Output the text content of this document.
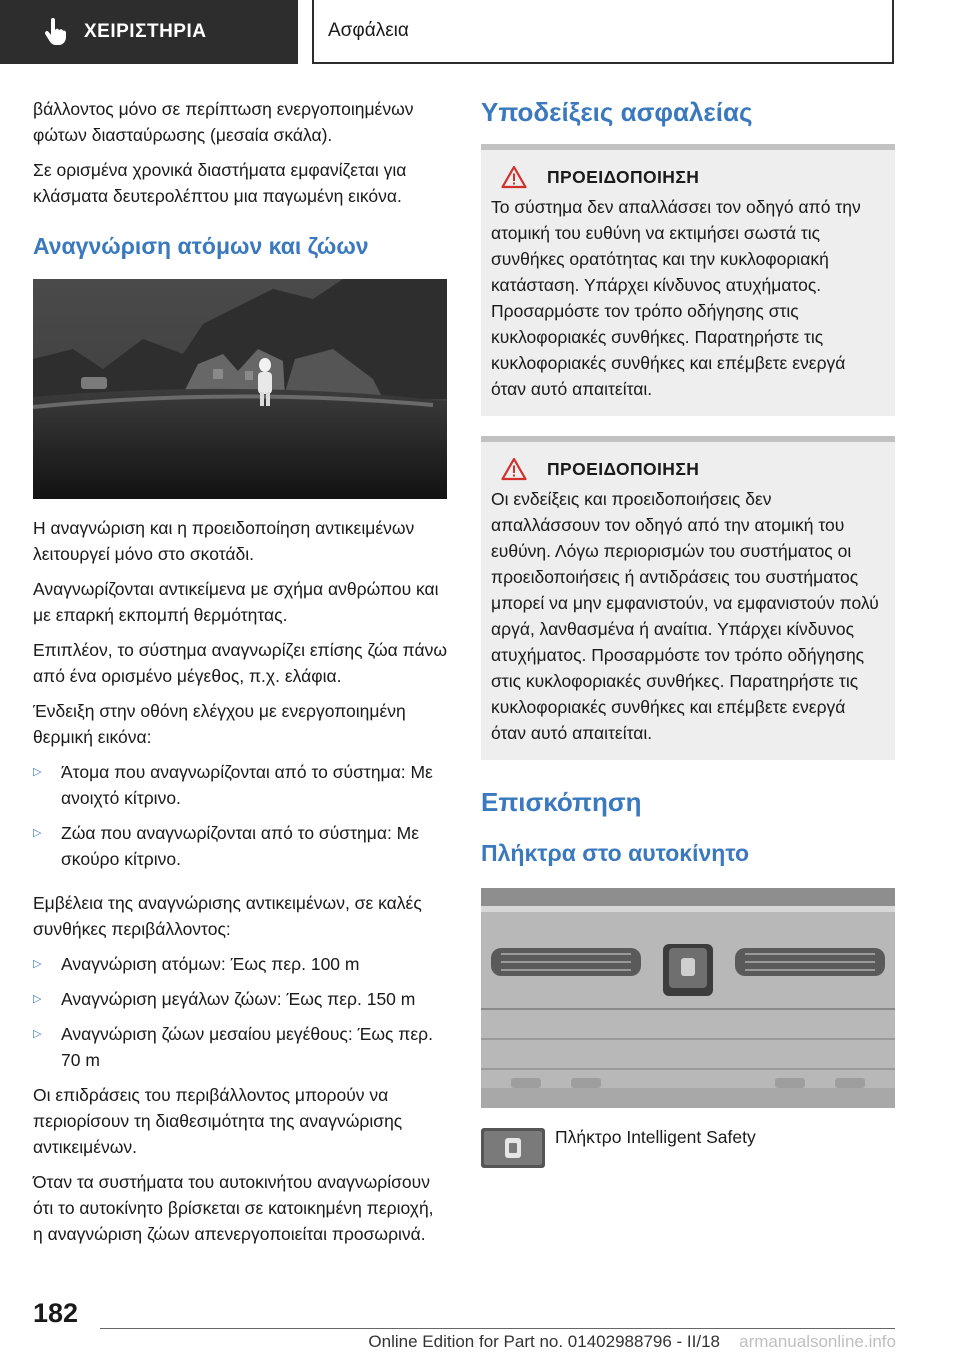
ΧΕΙΡΙΣΤΗΡΙΑ	Ασφάλεια

βάλλοντος μόνο σε περίπτωση ενεργοποιημένων φώτων διασταύρωσης (μεσαία σκάλα).

Σε ορισμένα χρονικά διαστήματα εμφανίζεται για κλάσματα δευτερολέπτου μια παγωμένη εικόνα.

Αναγνώριση ατόμων και ζώων

Η αναγνώριση και η προειδοποίηση αντικειμένων λειτουργεί μόνο στο σκοτάδι.

Αναγνωρίζονται αντικείμενα με σχήμα ανθρώπου και με επαρκή εκπομπή θερμότητας.

Επιπλέον, το σύστημα αναγνωρίζει επίσης ζώα πάνω από ένα ορισμένο μέγεθος, π.χ. ελάφια.

Ένδειξη στην οθόνη ελέγχου με ενεργοποιημένη θερμική εικόνα:

▷	Άτομα που αναγνωρίζονται από το σύστημα: Με ανοιχτό κίτρινο.
▷	Ζώα που αναγνωρίζονται από το σύστημα: Με σκούρο κίτρινο.

Εμβέλεια της αναγνώρισης αντικειμένων, σε καλές συνθήκες περιβάλλοντος:

▷	Αναγνώριση ατόμων: Έως περ. 100 m
▷	Αναγνώριση μεγάλων ζώων: Έως περ. 150 m
▷	Αναγνώριση ζώων μεσαίου μεγέθους: Έως περ. 70 m

Οι επιδράσεις του περιβάλλοντος μπορούν να περιορίσουν τη διαθεσιμότητα της αναγνώρισης αντικειμένων.

Όταν τα συστήματα του αυτοκινήτου αναγνωρίσουν ότι το αυτοκίνητο βρίσκεται σε κατοικημένη περιοχή, η αναγνώριση ζώων απενεργοποιείται προσωρινά.

Υποδείξεις ασφαλείας
ΠΡΟΕΙΔΟΠΟΙΗΣΗ

Το σύστημα δεν απαλλάσσει τον οδηγό από την ατομική του ευθύνη να εκτιμήσει σωστά τις συνθήκες ορατότητας και την κυκλοφοριακή κατάσταση. Υπάρχει κίνδυνος ατυχήματος. Προσαρμόστε τον τρόπο οδήγησης στις κυκλοφοριακές συνθήκες. Παρατηρήστε τις κυκλοφοριακές συνθήκες και επέμβετε ενεργά όταν αυτό απαιτείται.

ΠΡΟΕΙΔΟΠΟΙΗΣΗ

Οι ενδείξεις και προειδοποιήσεις δεν απαλλάσσουν τον οδηγό από την ατομική του ευθύνη. Λόγω περιορισμών του συστήματος οι προειδοποιήσεις ή αντιδράσεις του συστήματος μπορεί να μην εμφανιστούν, να εμφανιστούν πολύ αργά, λανθασμένα ή αναίτια. Υπάρχει κίνδυνος ατυχήματος. Προσαρμόστε τον τρόπο οδήγησης στις κυκλοφοριακές συνθήκες. Παρατηρήστε τις κυκλοφοριακές συνθήκες και επέμβετε ενεργά όταν αυτό απαιτείται.

Επισκόπηση
Πλήκτρα στο αυτοκίνητο
Πλήκτρο Intelligent Safety
182
armanualsonline.info
Online Edition for Part no. 01402988796 - II/18
